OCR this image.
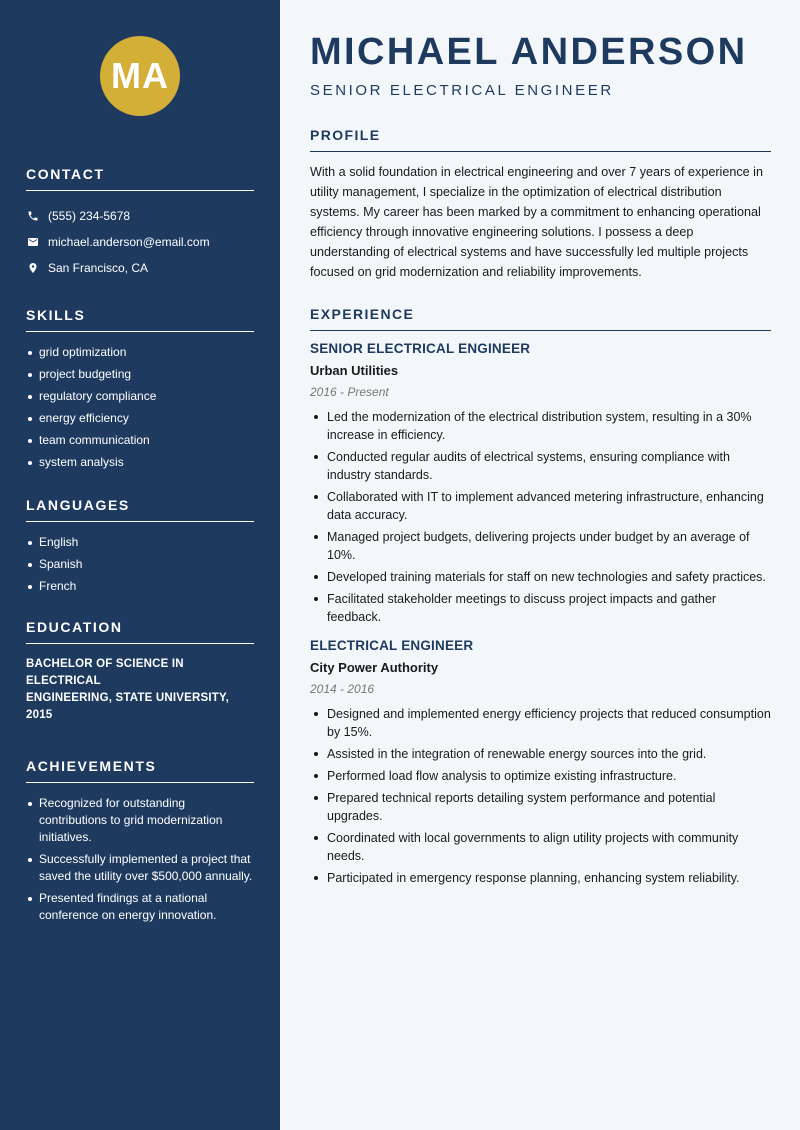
MA
CONTACT
(555) 234-5678
michael.anderson@email.com
San Francisco, CA
SKILLS
grid optimization
project budgeting
regulatory compliance
energy efficiency
team communication
system analysis
LANGUAGES
English
Spanish
French
EDUCATION
BACHELOR OF SCIENCE IN ELECTRICAL
ENGINEERING, STATE UNIVERSITY, 2015
ACHIEVEMENTS
Recognized for outstanding contributions to grid modernization initiatives.
Successfully implemented a project that saved the utility over $500,000 annually.
Presented findings at a national conference on energy innovation.
MICHAEL ANDERSON
SENIOR ELECTRICAL ENGINEER
PROFILE

With a solid foundation in electrical engineering and over 7 years of experience in utility management, I specialize in the optimization of electrical distribution systems. My career has been marked by a commitment to enhancing operational efficiency through innovative engineering solutions. I possess a deep understanding of electrical systems and have successfully led multiple projects focused on grid modernization and reliability improvements.

EXPERIENCE
SENIOR ELECTRICAL ENGINEER
Urban Utilities
2016 - Present
Led the modernization of the electrical distribution system, resulting in a 30% increase in efficiency.
Conducted regular audits of electrical systems, ensuring compliance with industry standards.
Collaborated with IT to implement advanced metering infrastructure, enhancing data accuracy.
Managed project budgets, delivering projects under budget by an average of 10%.
Developed training materials for staff on new technologies and safety practices.
Facilitated stakeholder meetings to discuss project impacts and gather feedback.
ELECTRICAL ENGINEER
City Power Authority
2014 - 2016
Designed and implemented energy efficiency projects that reduced consumption by 15%.
Assisted in the integration of renewable energy sources into the grid.
Performed load flow analysis to optimize existing infrastructure.
Prepared technical reports detailing system performance and potential upgrades.
Coordinated with local governments to align utility projects with community needs.
Participated in emergency response planning, enhancing system reliability.
